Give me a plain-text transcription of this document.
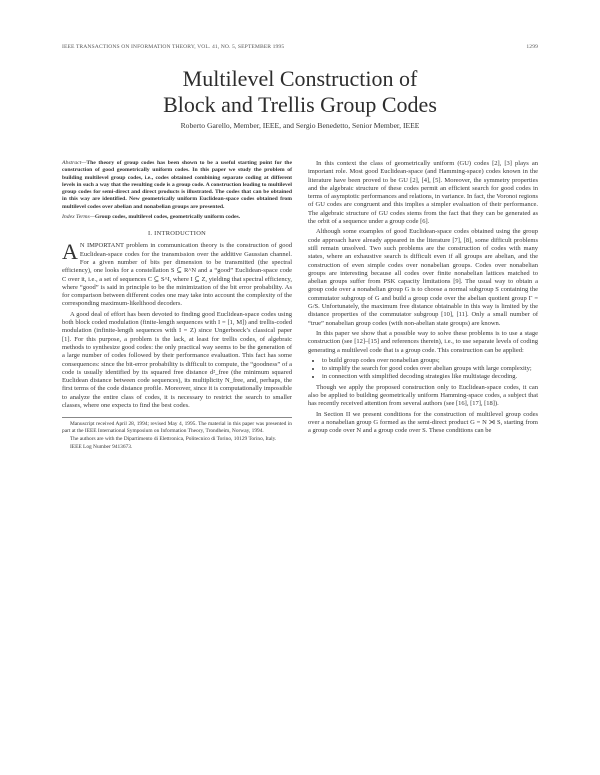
IEEE TRANSACTIONS ON INFORMATION THEORY, VOL. 41, NO. 5, SEPTEMBER 1995	1299
Multilevel Construction of
Block and Trellis Group Codes
Roberto Garello, Member, IEEE, and Sergio Benedetto, Senior Member, IEEE

Abstract—The theory of group codes has been shown to be a useful starting point for the construction of good geometrically uniform codes. In this paper we study the problem of building multilevel group codes, i.e., codes obtained combining separate coding at different levels in such a way that the resulting code is a group code. A construction leading to multilevel group codes for semi-direct and direct products is illustrated. The codes that can be obtained in this way are identified. New geometrically uniform Euclidean-space codes obtained from multilevel codes over abelian and nonabelian groups are presented.

Index Terms—Group codes, multilevel codes, geometrically uniform codes.

I. INTRODUCTION

A N IMPORTANT problem in communication theory is the construction of good Euclidean-space codes for the transmission over the additive Gaussian channel. For a given number of bits per dimension to be transmitted (the spectral efficiency), one looks for a constellation S ⊆ R^N and a “good” Euclidean-space code C over it, i.e., a set of sequences C ⊆ S^I, where I ⊆ Z, yielding that spectral efficiency, where “good” is said in principle to be the minimization of the bit error probability. As for comparison between different codes one may take into account the complexity of the corresponding maximum-likelihood decoders.

A good deal of effort has been devoted to finding good Euclidean-space codes using both block coded modulation (finite-length sequences with I = [1, M]) and trellis-coded modulation (infinite-length sequences with I = Z) since Ungerboeck’s classical paper [1]. For this purpose, a problem is the lack, at least for trellis codes, of algebraic methods to synthesize good codes: the only practical way seems to be the generation of a large number of codes followed by their performance evaluation. This fact has some consequences: since the bit-error probability is difficult to compute, the “goodness” of a code is usually identified by its squared free distance d²_free (the minimum squared Euclidean distance between code sequences), its multiplicity N_free, and, perhaps, the first terms of the code distance profile. Moreover, since it is computationally impossible to analyze the entire class of codes, it is necessary to restrict the search to smaller classes, where one expects to find the best codes.

Manuscript received April 28, 1994; revised May 4, 1995. The material in this paper was presented in part at the IEEE International Symposium on Information Theory, Trondheim, Norway, 1994.

The authors are with the Dipartimento di Elettronica, Politecnico di Torino, 10129 Torino, Italy.

IEEE Log Number 9413673.

In this context the class of geometrically uniform (GU) codes [2], [3] plays an important role. Most good Euclidean-space (and Hamming-space) codes known in the literature have been proved to be GU [2], [4], [5]. Moreover, the symmetry properties and the algebraic structure of these codes permit an efficient search for good codes in terms of asymptotic performances and relations, in variance. In fact, the Voronoi regions of GU codes are congruent and this implies a simpler evaluation of their performance. The algebraic structure of GU codes stems from the fact that they can be generated as the orbit of a sequence under a group code [6].

Although some examples of good Euclidean-space codes obtained using the group code approach have already appeared in the literature [7], [8], some difficult problems still remain unsolved. Two such problems are the construction of codes with many states, where an exhaustive search is difficult even if all groups are abelian, and the construction of even simple codes over nonabelian groups. Codes over nonabelian groups are interesting because all codes over finite nonabelian lattices matched to abelian groups suffer from PSK capacity limitations [9]. The usual way to obtain a group code over a nonabelian group G is to choose a normal subgroup S containing the commutator subgroup of G and build a group code over the abelian quotient group Γ = G/S. Unfortunately, the maximum free distance obtainable in this way is limited by the distance properties of the commutator subgroup [10], [11]. Only a small number of “true” nonabelian group codes (with non-abelian state groups) are known.

In this paper we show that a possible way to solve these problems is to use a stage construction (see [12]–[15] and references therein), i.e., to use separate levels of coding generating a multilevel code that is a group code. This construction can be applied:

• to build group codes over nonabelian groups;
• to simplify the search for good codes over abelian groups with large complexity;
• in connection with simplified decoding strategies like multistage decoding.

Though we apply the proposed construction only to Euclidean-space codes, it can also be applied to building geometrically uniform Hamming-space codes, a subject that has recently received attention from several authors (see [16], [17], [18]).

In Section II we present conditions for the construction of multilevel group codes over a nonabelian group G formed as the semi-direct product G = N ⋊ S, starting from a group code over N and a group code over S. These conditions can be
